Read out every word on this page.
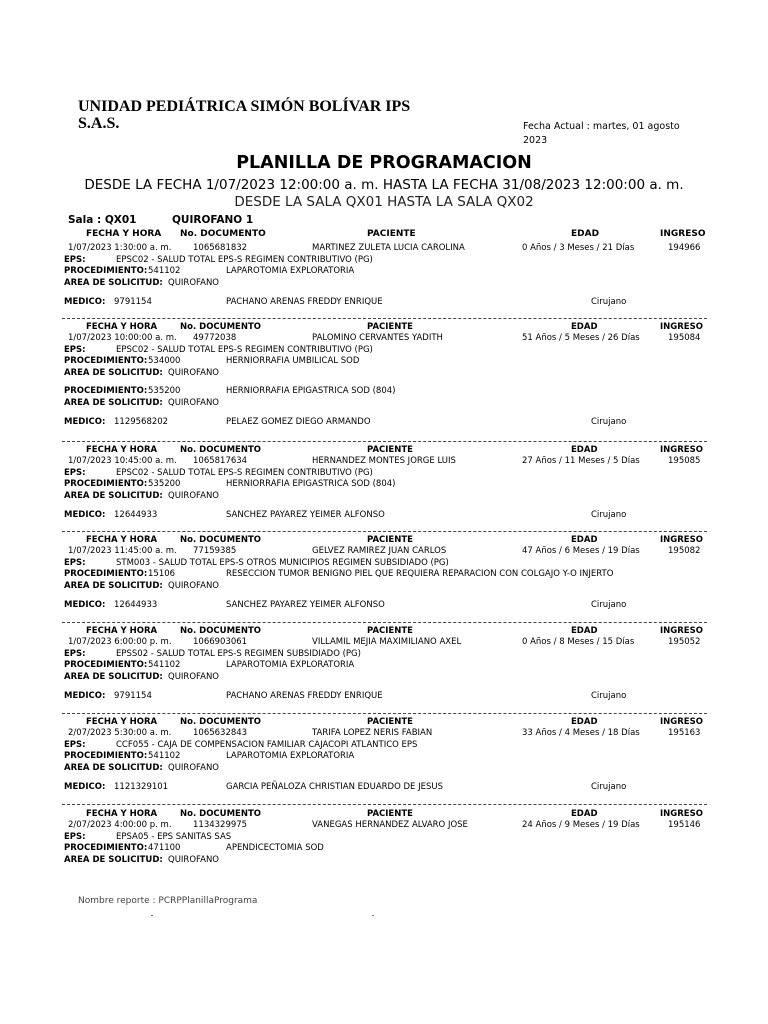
UNIDAD PEDIÁTRICA SIMÓN BOLÍVAR IPS
S.A.S.	Fecha Actual : martes, 01 agosto
2023
PLANILLA DE PROGRAMACION
DESDE LA FECHA 1/07/2023 12:00:00 a. m. HASTA LA FECHA 31/08/2023 12:00:00 a. m.
DESDE LA SALA QX01 HASTA LA SALA QX02
Sala : QX01	QUIROFANO 1
FECHA Y HORA No. DOCUMENTO	PACIENTE	EDAD	INGRESO
1/07/2023 1:30:00 a. m.	1065681832	MARTINEZ ZULETA LUCIA CAROLINA	0 Años / 3 Meses / 21 Días	194966
EPS:	EPSC02 - SALUD TOTAL EPS-S REGIMEN CONTRIBUTIVO (PG)
PROCEDIMIENTO: 541102	LAPAROTOMIA EXPLORATORIA
AREA DE SOLICITUD: QUIROFANO
MEDICO: 9791154	PACHANO ARENAS FREDDY ENRIQUE	Cirujano
FECHA Y HORA	No. DOCUMENTO	PACIENTE	EDAD	INGRESO
1/07/2023 10:00:00 a. m. 49772038	PALOMINO CERVANTES YADITH	51 Años / 5 Meses / 26 Días	195084
EPS:	EPSC02 - SALUD TOTAL EPS-S REGIMEN CONTRIBUTIVO (PG)
PROCEDIMIENTO: 534000	HERNIORRAFIA UMBILICAL SOD
AREA DE SOLICITUD: QUIROFANO
PROCEDIMIENTO: 535200	HERNIORRAFIA EPIGASTRICA SOD (804)
AREA DE SOLICITUD: QUIROFANO
MEDICO: 1129568202	PELAEZ GOMEZ DIEGO ARMANDO	Cirujano
FECHA Y HORA	No. DOCUMENTO	PACIENTE	EDAD	INGRESO
1/07/2023 10:45:00 a. m. 1065817634	HERNANDEZ MONTES JORGE LUIS	27 Años / 11 Meses / 5 Días	195085
EPS:	EPSC02 - SALUD TOTAL EPS-S REGIMEN CONTRIBUTIVO (PG)
PROCEDIMIENTO: 535200	HERNIORRAFIA EPIGASTRICA SOD (804)
AREA DE SOLICITUD: QUIROFANO
MEDICO: 12644933	SANCHEZ PAYAREZ YEIMER ALFONSO	Cirujano
FECHA Y HORA	No. DOCUMENTO	PACIENTE	EDAD	INGRESO
1/07/2023 11:45:00 a. m. 77159385	GELVEZ RAMIREZ JUAN CARLOS	47 Años / 6 Meses / 19 Días	195082
EPS:	STM003 - SALUD TOTAL EPS-S OTROS MUNICIPIOS REGIMEN SUBSIDIADO (PG)
PROCEDIMIENTO: 15106	RESECCION TUMOR BENIGNO PIEL QUE REQUIERA REPARACION CON COLGAJO Y-O INJERTO
AREA DE SOLICITUD: QUIROFANO
MEDICO: 12644933	SANCHEZ PAYAREZ YEIMER ALFONSO	Cirujano
FECHA Y HORA	No. DOCUMENTO	PACIENTE	EDAD	INGRESO
1/07/2023 6:00:00 p. m.	1066903061	VILLAMIL MEJIA MAXIMILIANO AXEL	0 Años / 8 Meses / 15 Días	195052
EPS:	EPSS02 - SALUD TOTAL EPS-S REGIMEN SUBSIDIADO (PG)
PROCEDIMIENTO: 541102	LAPAROTOMIA EXPLORATORIA
AREA DE SOLICITUD: QUIROFANO
MEDICO: 9791154	PACHANO ARENAS FREDDY ENRIQUE	Cirujano
FECHA Y HORA	No. DOCUMENTO	PACIENTE	EDAD	INGRESO
2/07/2023 5:30:00 a. m.	1065632843	TARIFA LOPEZ NERIS FABIAN	33 Años / 4 Meses / 18 Días	195163
EPS:	CCF055 - CAJA DE COMPENSACION FAMILIAR CAJACOPI ATLANTICO EPS
PROCEDIMIENTO: 541102	LAPAROTOMIA EXPLORATORIA
AREA DE SOLICITUD: QUIROFANO
MEDICO: 1121329101	GARCIA PEÑALOZA CHRISTIAN EDUARDO DE JESUS	Cirujano
FECHA Y HORA	No. DOCUMENTO	PACIENTE	EDAD	INGRESO
2/07/2023 4:00:00 p. m.	1134329975	VANEGAS HERNANDEZ ALVARO JOSE	24 Años / 9 Meses / 19 Días	195146
EPS:	EPSA05 - EPS SANITAS SAS
PROCEDIMIENTO: 471100	APENDICECTOMIA SOD
AREA DE SOLICITUD: QUIROFANO
Nombre reporte : PCRPPlanillaPrograma
